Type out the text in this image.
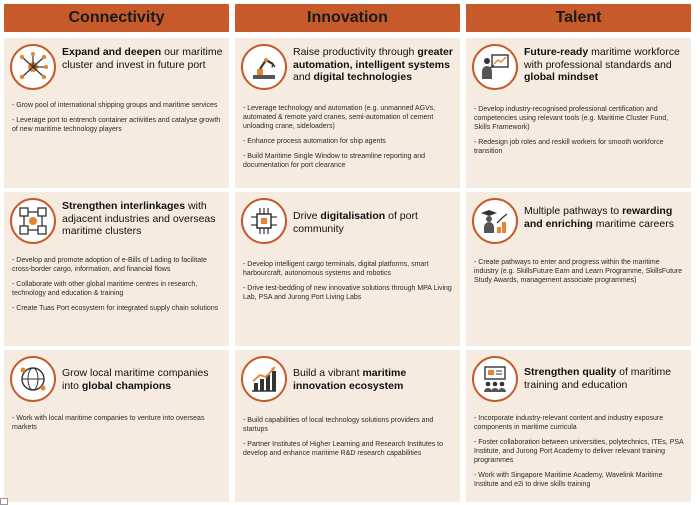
Connectivity
Expand and deepen our maritime cluster and invest in future port
- Grow pool of international shipping groups and maritime services
- Leverage port to entrench container activities and catalyse growth of new maritime technology players
Strengthen interlinkages with adjacent industries and overseas maritime clusters
- Develop and promote adoption of e-Bills of Lading to facilitate cross-border cargo, information, and financial flows
- Collaborate with other global maritime centres in research, technology and education & training
- Create Tuas Port ecosystem for integrated supply chain solutions
Grow local maritime companies into global champions
- Work with local maritime companies to venture into overseas markets
Innovation
Raise productivity through greater automation, intelligent systems and digital technologies
- Leverage technology and automation (e.g. unmanned AGVs, automated & remote yard cranes, semi-automation of cement unloading crane, sideloaders)
- Enhance process automation for ship agents
- Build Maritime Single Window to streamline reporting and documentation for port clearance
Drive digitalisation of port community
- Develop intelligent cargo terminals, digital platforms, smart harbourcraft, autonomous systems and robotics
- Drive test-bedding of new innovative solutions through MPA Living Lab, PSA and Jurong Port Living Labs
Build a vibrant maritime innovation ecosystem
- Build capabilities of local technology solutions providers and startups
- Partner Institutes of Higher Learning and Research Institutes to develop and enhance maritime R&D research capabilities
Talent
Future-ready maritime workforce with professional standards and global mindset
- Develop industry-recognised professional certification and competencies using relevant tools (e.g. Maritime Cluster Fund, Skills Framework)
- Redesign job roles and reskill workers for smooth workforce transition
Multiple pathways to rewarding and enriching maritime careers
- Create pathways to enter and progress within the maritime industry (e.g. SkillsFuture Earn and Learn Programme, SkillsFuture Study Awards, management associate programmes)
Strengthen quality of maritime training and education
- Incorporate industry-relevant content and industry exposure components in maritime curricula
- Foster collaboration between universities, polytechnics, ITEs, PSA Institute, and Jurong Port Academy to deliver relevant training programmes
- Work with Singapore Maritime Academy, Wavelink Maritime Institute and e2i to drive skills training
